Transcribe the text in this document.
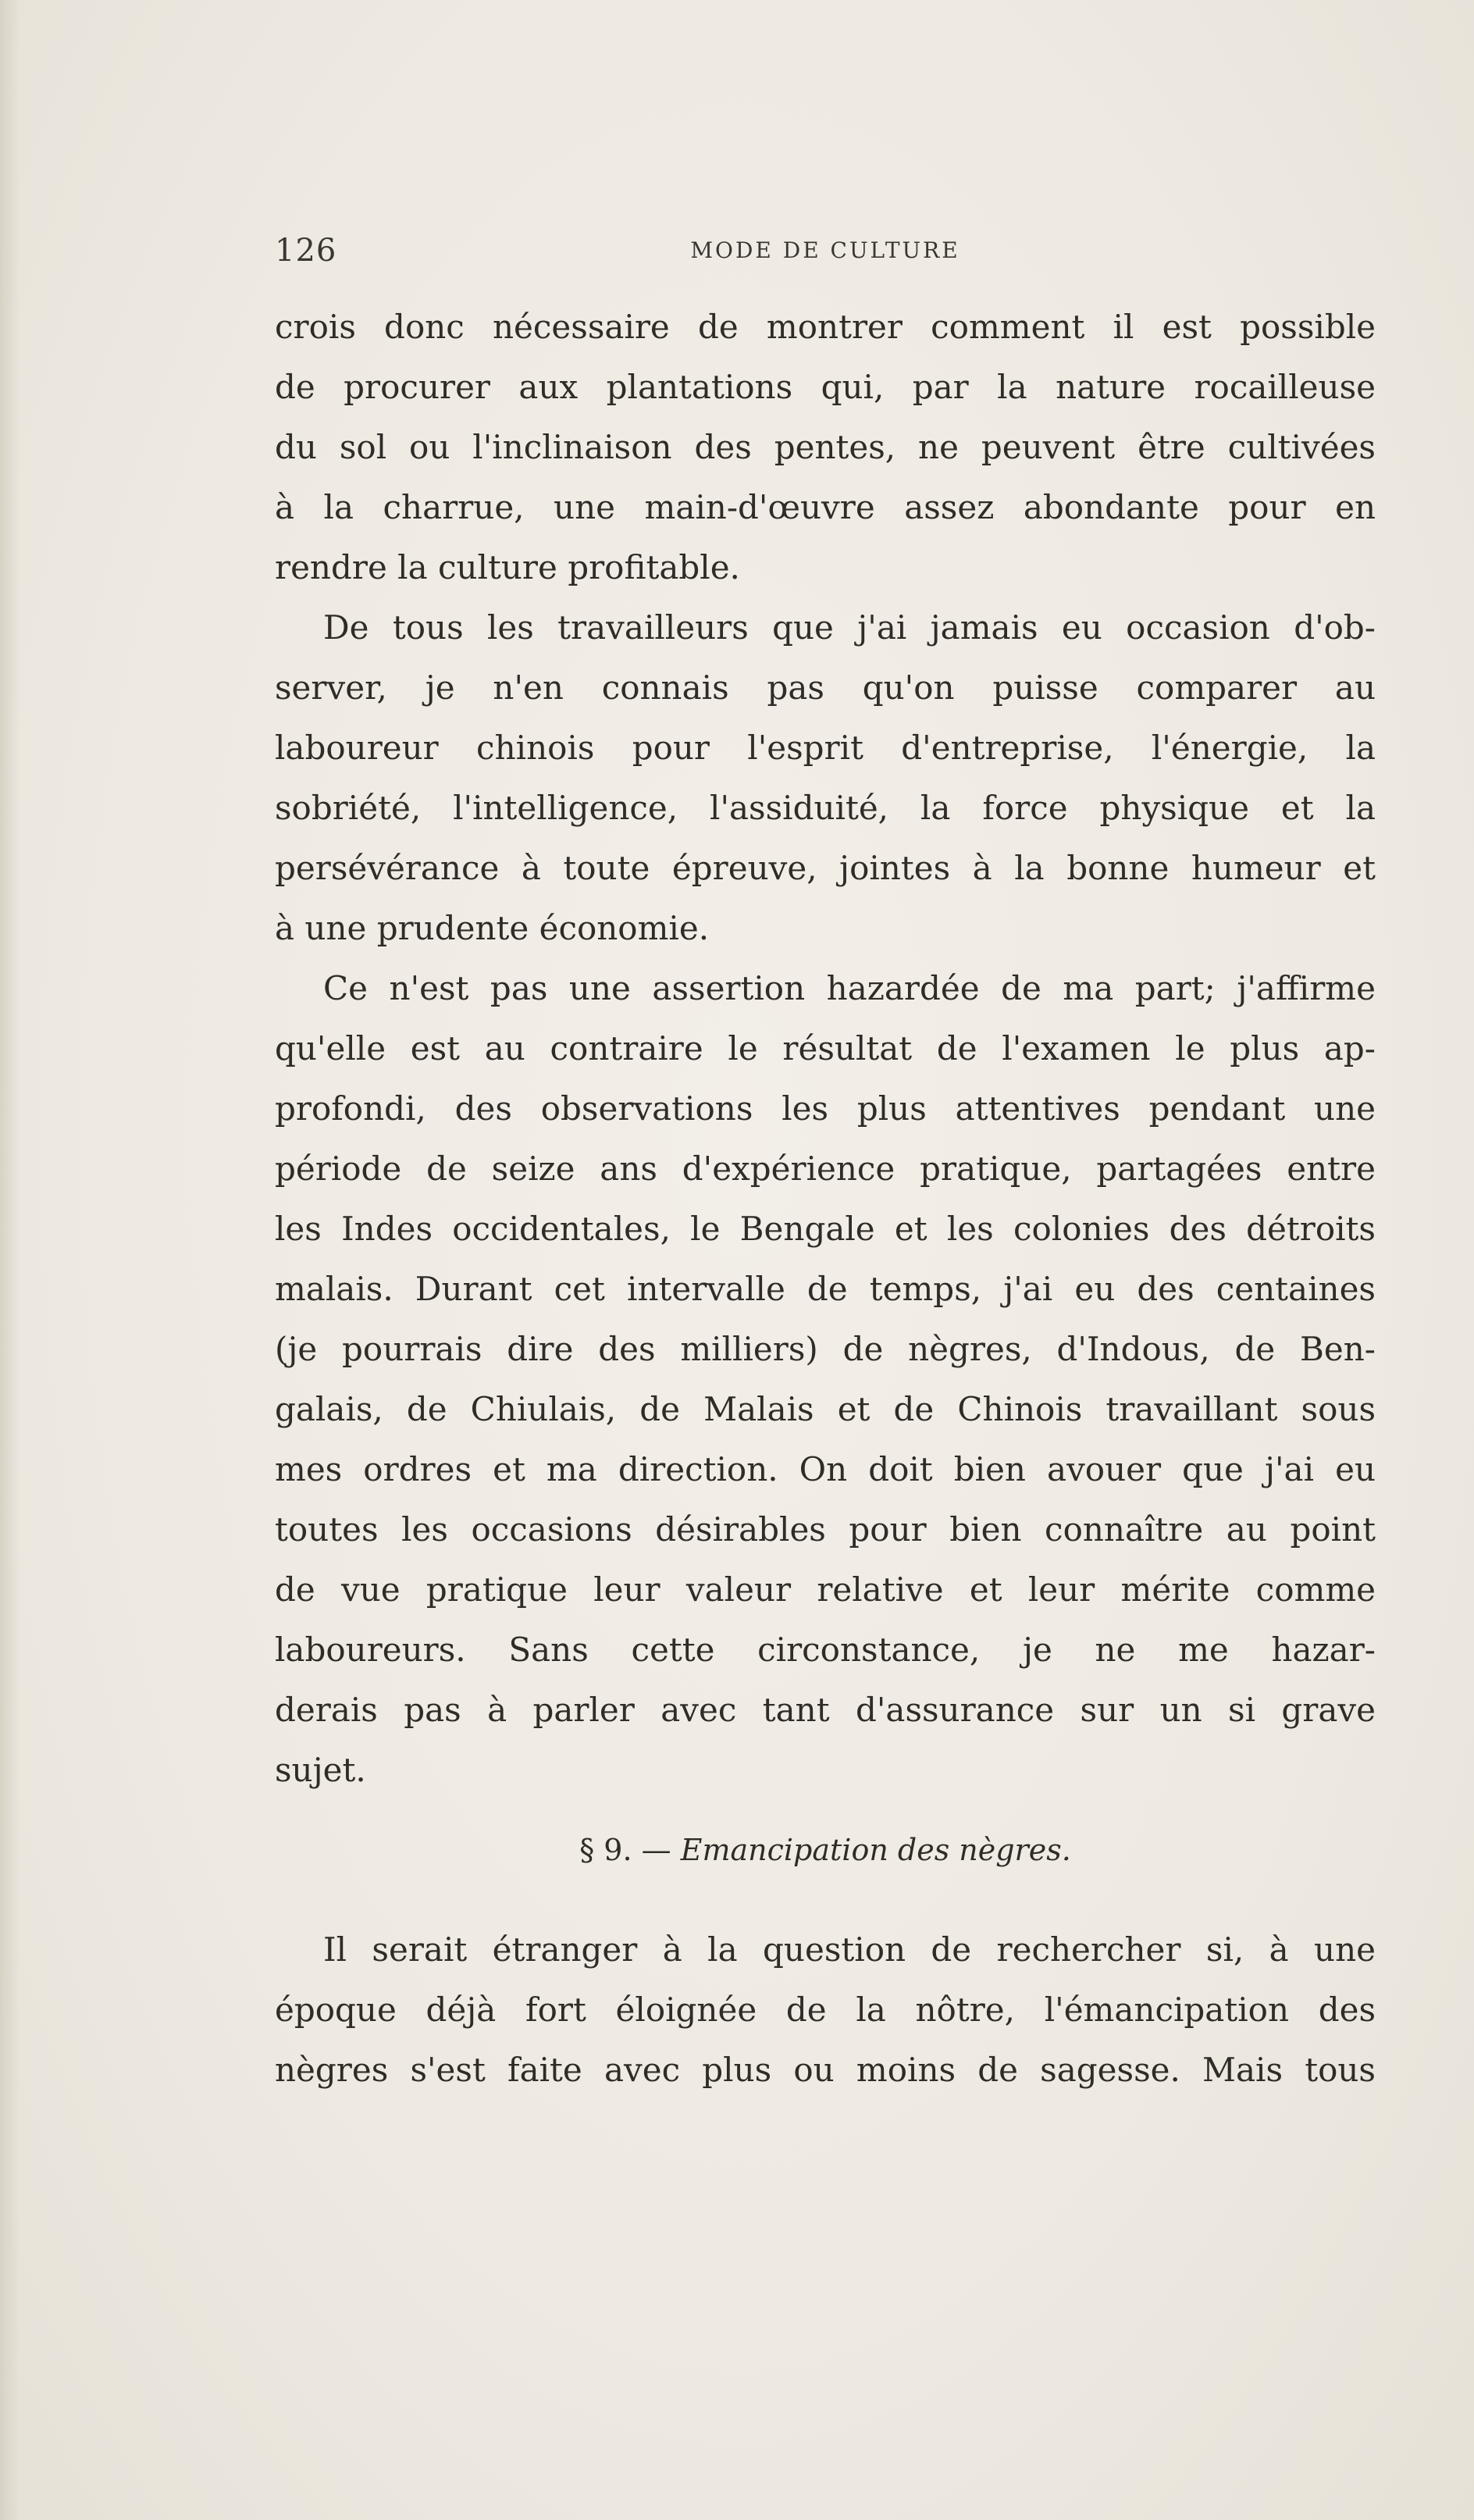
126	MODE DE CULTURE
crois donc nécessaire de montrer comment il est possible
de procurer aux plantations qui, par la nature rocailleuse
du sol ou l'inclinaison des pentes, ne peuvent être cultivées
à la charrue, une main-d'œuvre assez abondante pour en
rendre la culture profitable.
De tous les travailleurs que j'ai jamais eu occasion d'ob-
server, je n'en connais pas qu'on puisse comparer au
laboureur chinois pour l'esprit d'entreprise, l'énergie, la
sobriété, l'intelligence, l'assiduité, la force physique et la
persévérance à toute épreuve, jointes à la bonne humeur et
à une prudente économie.
Ce n'est pas une assertion hazardée de ma part; j'affirme
qu'elle est au contraire le résultat de l'examen le plus ap-
profondi, des observations les plus attentives pendant une
période de seize ans d'expérience pratique, partagées entre
les Indes occidentales, le Bengale et les colonies des détroits
malais. Durant cet intervalle de temps, j'ai eu des centaines
(je pourrais dire des milliers) de nègres, d'Indous, de Ben-
galais, de Chiulais, de Malais et de Chinois travaillant sous
mes ordres et ma direction. On doit bien avouer que j'ai eu
toutes les occasions désirables pour bien connaître au point
de vue pratique leur valeur relative et leur mérite comme
laboureurs. Sans cette circonstance, je ne me hazar-
derais pas à parler avec tant d'assurance sur un si grave
sujet.
§ 9. — Emancipation des nègres.
Il serait étranger à la question de rechercher si, à une
époque déjà fort éloignée de la nôtre, l'émancipation des
nègres s'est faite avec plus ou moins de sagesse. Mais tous
